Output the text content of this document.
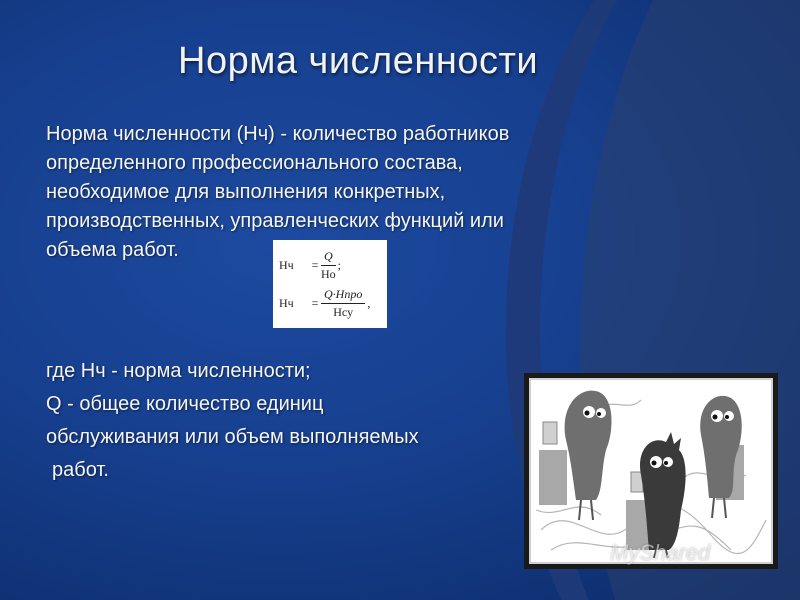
Норма численности
Норма численности (Нч) - количество работников
определенного профессионального состава,
необходимое для выполнения конкретных,
производственных, управленческих функций или
объема работ.
Нч	= $\frac{Q}{Но}$ ;
Нч	= $\frac{\text{Q·Нпро}}{\text{Нсу}}$ ,
где Нч - норма численности;
Q - общее количество единиц
обслуживания или объем выполняемых
работ.
MyShared
